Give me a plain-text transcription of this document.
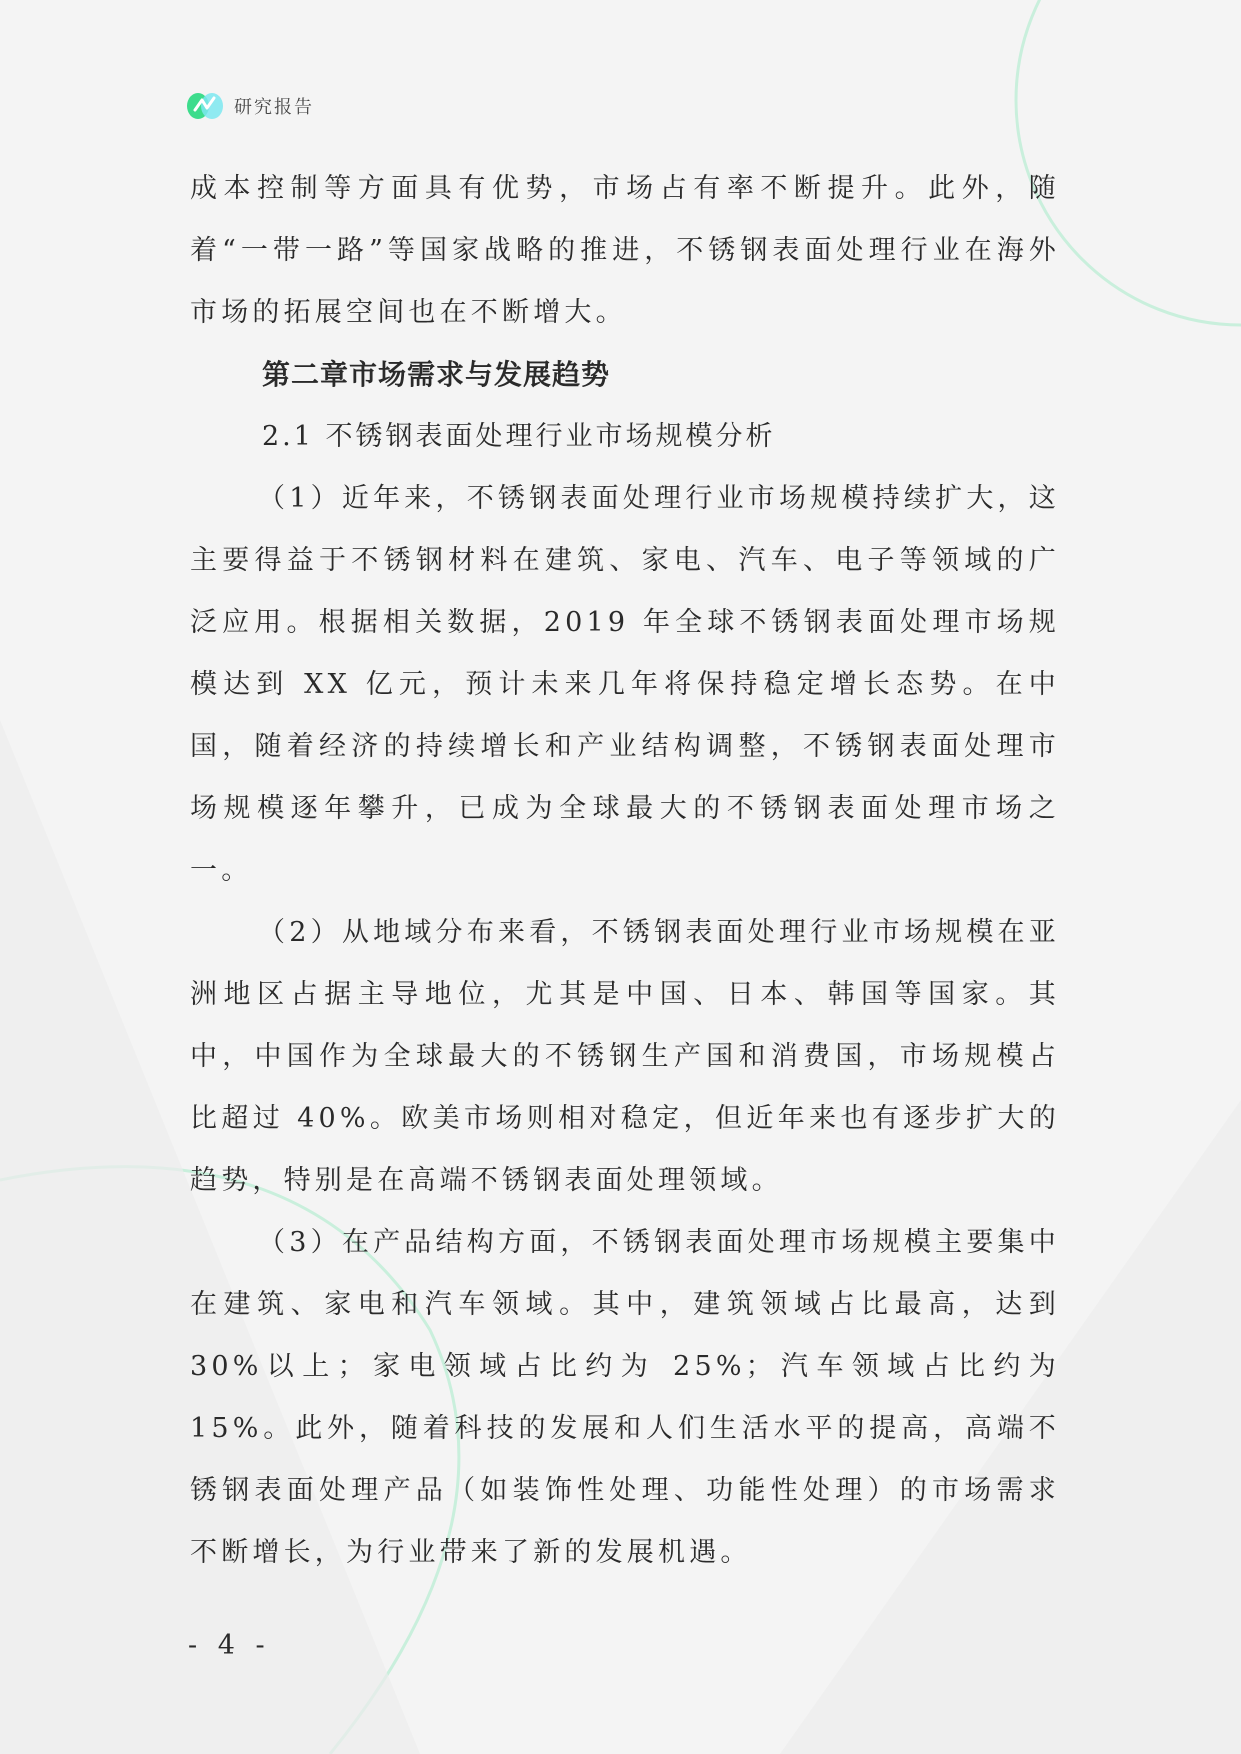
研究报告

成本控制等方面具有优势，市场占有率不断提升。此外，随着“一带一路”等国家战略的推进，不锈钢表面处理行业在海外市场的拓展空间也在不断增大。

第二章市场需求与发展趋势

2.1 不锈钢表面处理行业市场规模分析

（1）近年来，不锈钢表面处理行业市场规模持续扩大，这主要得益于不锈钢材料在建筑、家电、汽车、电子等领域的广泛应用。根据相关数据，2019 年全球不锈钢表面处理市场规模达到 XX 亿元，预计未来几年将保持稳定增长态势。在中国，随着经济的持续增长和产业结构调整，不锈钢表面处理市场规模逐年攀升，已成为全球最大的不锈钢表面处理市场之一。

（2）从地域分布来看，不锈钢表面处理行业市场规模在亚洲地区占据主导地位，尤其是中国、日本、韩国等国家。其中，中国作为全球最大的不锈钢生产国和消费国，市场规模占比超过 40%。欧美市场则相对稳定，但近年来也有逐步扩大的趋势，特别是在高端不锈钢表面处理领域。

（3）在产品结构方面，不锈钢表面处理市场规模主要集中在建筑、家电和汽车领域。其中，建筑领域占比最高，达到 30%以上；家电领域占比约为 25%；汽车领域占比约为 15%。此外，随着科技的发展和人们生活水平的提高，高端不锈钢表面处理产品（如装饰性处理、功能性处理）的市场需求不断增长，为行业带来了新的发展机遇。

- 4 -
